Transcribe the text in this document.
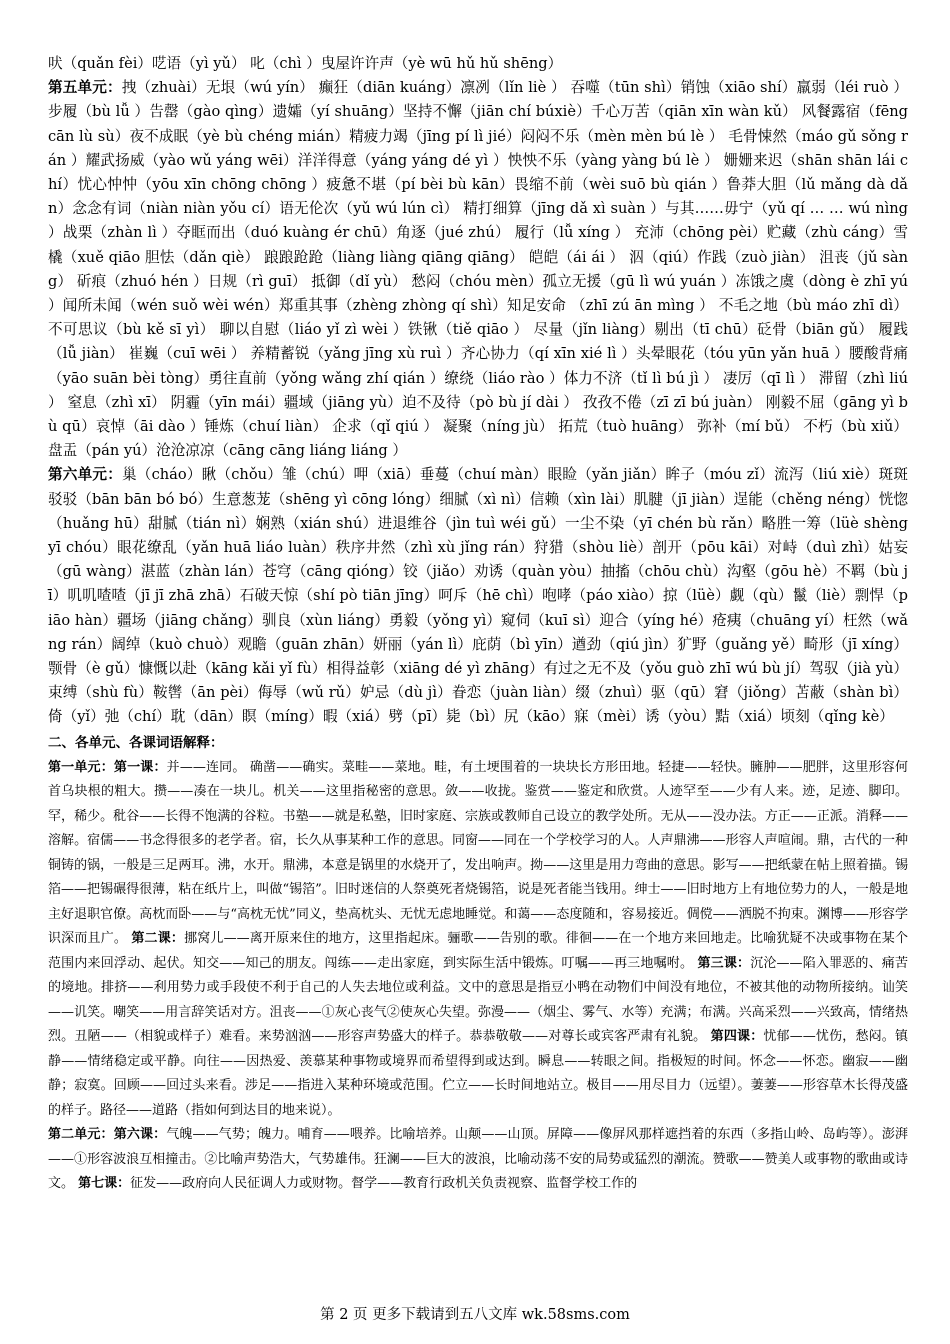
吠（quǎn fèi）呓语（yì yǔ） 叱（chì ）曳屋许许声（yè wū hǔ hǔ shēng）
第五单元：拽（zhuài）无垠（wú yín） 癫狂（diān kuáng）凛冽（lǐn liè ） 吞噬（tūn shì）销蚀（xiāo shí）羸弱（léi ruò ）步履（bù lǚ ）告罄（gào qìng）遗孀（yí shuāng）坚持不懈（jiān chí búxiè）千心万苦（qiān xīn wàn kǔ） 风餐露宿（fēng cān lù sù）夜不成眠（yè bù chéng mián）精疲力竭（jīng pí lì jié）闷闷不乐（mèn mèn bú lè ） 毛骨悚然（máo gǔ sǒng rán ）耀武扬威（yào wǔ yáng wēi）洋洋得意（yáng yáng dé yì ）怏怏不乐（yàng yàng bú lè ） 姗姗来迟（shān shān lái chí）忧心忡忡（yōu xīn chōng chōng ）疲惫不堪（pí bèi bù kān）畏缩不前（wèi suō bù qián ）鲁莽大胆（lǔ mǎng dà dǎn）念念有词（niàn niàn yǒu cí）语无伦次（yǔ wú lún cì） 精打细算（jīng dǎ xì suàn ）与其……毋宁（yǔ qí … … wú nìng ）战栗（zhàn lì ）夺眶而出（duó kuàng ér chū）角逐（jué zhú） 履行（lǚ xíng ） 充沛（chōng pèi）贮藏（zhù cáng）雪橇（xuě qiāo 胆怯（dǎn qiè） 踉踉跄跄（liàng liàng qiāng qiāng） 皑皑（ái ái ） 泅（qiú）作践（zuò jiàn） 沮丧（jǔ sàng） 斫痕（zhuó hén ）日规（rì guī） 抵御（dǐ yù） 愁闷（chóu mèn）孤立无援（gū lì wú yuán ）冻饿之虞（dòng è zhī yú ）闻所未闻（wén suǒ wèi wén）郑重其事（zhèng zhòng qí shì）知足安命 （zhī zú ān mìng ） 不毛之地（bù máo zhī dì） 不可思议（bù kě sī yì） 聊以自慰（liáo yǐ zì wèi ）铁锹（tiě qiāo ） 尽量（jǐn liàng）剔出（tī chū）砭骨（biān gǔ） 履践（lǚ jiàn） 崔巍（cuī wēi ） 养精蓄锐（yǎng jīng xù ruì ）齐心协力（qí xīn xié lì ）头晕眼花（tóu yūn yǎn huā ）腰酸背痛（yāo suān bèi tòng）勇往直前（yǒng wǎng zhí qián ）缭绕（liáo rào ）体力不济（tǐ lì bú jì ） 凄厉（qī lì ） 滞留（zhì liú ） 窒息（zhì xī） 阴霾（yīn mái）疆域（jiāng yù）迫不及待（pò bù jí dài ） 孜孜不倦（zī zī bú juàn） 刚毅不屈（gāng yì bù qū）哀悼（āi dào ）锤炼（chuí liàn） 企求（qǐ qiú ） 凝聚（níng jù） 拓荒（tuò huāng） 弥补（mí bǔ） 不朽（bù xiǔ）盘盂（pán yú）沧沧凉凉（cāng cāng liáng liáng ）
第六单元：巢（cháo）瞅（chǒu）雏（chú）呷（xiā）垂蔓（chuí màn）眼睑（yǎn jiǎn）眸子（móu zǐ）流泻（liú xiè）斑斑驳驳（bān bān bó bó）生意葱茏（shēng yì cōng lóng）细腻（xì nì）信赖（xìn lài）肌腱（jī jiàn）逞能（chěng néng）恍惚（huǎng hū）甜腻（tián nì）娴熟（xián shú）进退维谷（jìn tuì wéi gǔ）一尘不染（yī chén bù rǎn）略胜一筹（lüè shèng yī chóu）眼花缭乱（yǎn huā liáo luàn）秩序井然（zhì xù jǐng rán）狩猎（shòu liè）剖开（pōu kāi）对峙（duì zhì）姑妄（gū wàng）湛蓝（zhàn lán）苍穹（cāng qióng）铰（jiǎo）劝诱（quàn yòu）抽搐（chōu chù）沟壑（gōu hè）不羁（bù jī）叽叽喳喳（jī jī zhā zhā）石破天惊（shí pò tiān jīng）呵斥（hē chì）咆哮（páo xiào）掠（lüè）觑（qù）鬣（liè）剽悍（piāo hàn）疆场（jiāng chǎng）驯良（xùn liáng）勇毅（yǒng yì）窥伺（kuī sì）迎合（yíng hé）疮痍（chuāng yí）枉然（wǎng rán）阔绰（kuò chuò）观瞻（guān zhān）妍丽（yán lì）庇荫（bì yīn）遒劲（qiú jìn）犷野（guǎng yě）畸形（jī xíng）颚骨（è gǔ）慷慨以赴（kāng kǎi yǐ fù）相得益彰（xiāng dé yì zhāng）有过之无不及（yǒu guò zhī wú bù jí）驾驭（jià yù）束缚（shù fù）鞍辔（ān pèi）侮辱（wǔ rǔ）妒忌（dù jì）眷恋（juàn liàn）缀（zhuì）驱（qū）窘（jiǒng）苫蔽（shàn bì）倚（yǐ）弛（chí）耽（dān）瞑（míng）暇（xiá）劈（pī）毙（bì）尻（kāo）寐（mèi）诱（yòu）黠（xiá）顷刻（qǐng kè）

二、各单元、各课词语解释：

第一单元：第一课：并——连同。 确凿——确实。菜畦——菜地。畦，有土埂围着的一块块长方形田地。轻捷——轻快。臃肿——肥胖，这里形容何首乌块根的粗大。攒——凑在一块儿。机关——这里指秘密的意思。敛——收拢。鉴赏——鉴定和欣赏。人迹罕至——少有人来。迹，足迹、脚印。罕，稀少。秕谷——长得不饱满的谷粒。书塾——就是私塾，旧时家庭、宗族或教师自己设立的教学处所。无从——没办法。方正——正派。消释——溶解。宿儒——书念得很多的老学者。宿，长久从事某种工作的意思。同窗——同在一个学校学习的人。人声鼎沸——形容人声喧闹。鼎，古代的一种铜铸的锅，一般是三足两耳。沸，水开。鼎沸，本意是锅里的水烧开了，发出响声。拗——这里是用力弯曲的意思。影写——把纸蒙在帖上照着描。锡箔——把锡碾得很薄，粘在纸片上，叫做“锡箔”。旧时迷信的人祭奠死者烧锡箔，说是死者能当钱用。绅士——旧时地方上有地位势力的人，一般是地主好退职官僚。高枕而卧——与“高枕无忧”同义，垫高枕头、无忧无虑地睡觉。和蔼——态度随和，容易接近。倜傥——洒脱不拘束。渊博——形容学识深而且广。 第二课：挪窝儿——离开原来住的地方，这里指起床。骊歌——告别的歌。徘徊——在一个地方来回地走。比喻犹疑不决或事物在某个范围内来回浮动、起伏。知交——知己的朋友。闯练——走出家庭，到实际生活中锻炼。叮嘱——再三地嘱咐。 第三课：沉沦——陷入罪恶的、痛苦的境地。排挤——利用势力或手段使不利于自己的人失去地位或利益。文中的意思是指豆小鸭在动物们中间没有地位，不被其他的动物所接纳。讪笑——讥笑。嘲笑——用言辞笑话对方。沮丧——①灰心丧气②使灰心失望。弥漫——（烟尘、雾气、水等）充满；布满。兴高采烈——兴致高，情绪热烈。丑陋——（相貌或样子）难看。来势汹汹——形容声势盛大的样子。恭恭敬敬——对尊长或宾客严肃有礼貌。 第四课：忧郁——忧伤，愁闷。镇静——情绪稳定或平静。向往——因热爱、羡慕某种事物或境界而希望得到或达到。瞬息——转眼之间。指极短的时间。怀念——怀恋。幽寂——幽静；寂寞。回顾——回过头来看。涉足——指进入某种环境或范围。伫立——长时间地站立。极目——用尽目力（远望）。萋萋——形容草木长得茂盛的样子。路径——道路（指如何到达目的地来说）。
第二单元：第六课：气魄——气势；魄力。哺育——喂养。比喻培养。山颠——山顶。屏障——像屏风那样遮挡着的东西（多指山岭、岛屿等）。澎湃——①形容波浪互相撞击。②比喻声势浩大，气势雄伟。狂澜——巨大的波浪，比喻动荡不安的局势或猛烈的潮流。赞歌——赞美人或事物的歌曲或诗文。 第七课：征发——政府向人民征调人力或财物。督学——教育行政机关负责视察、监督学校工作的

第 2 页 更多下载请到五八文库 wk.58sms.com
